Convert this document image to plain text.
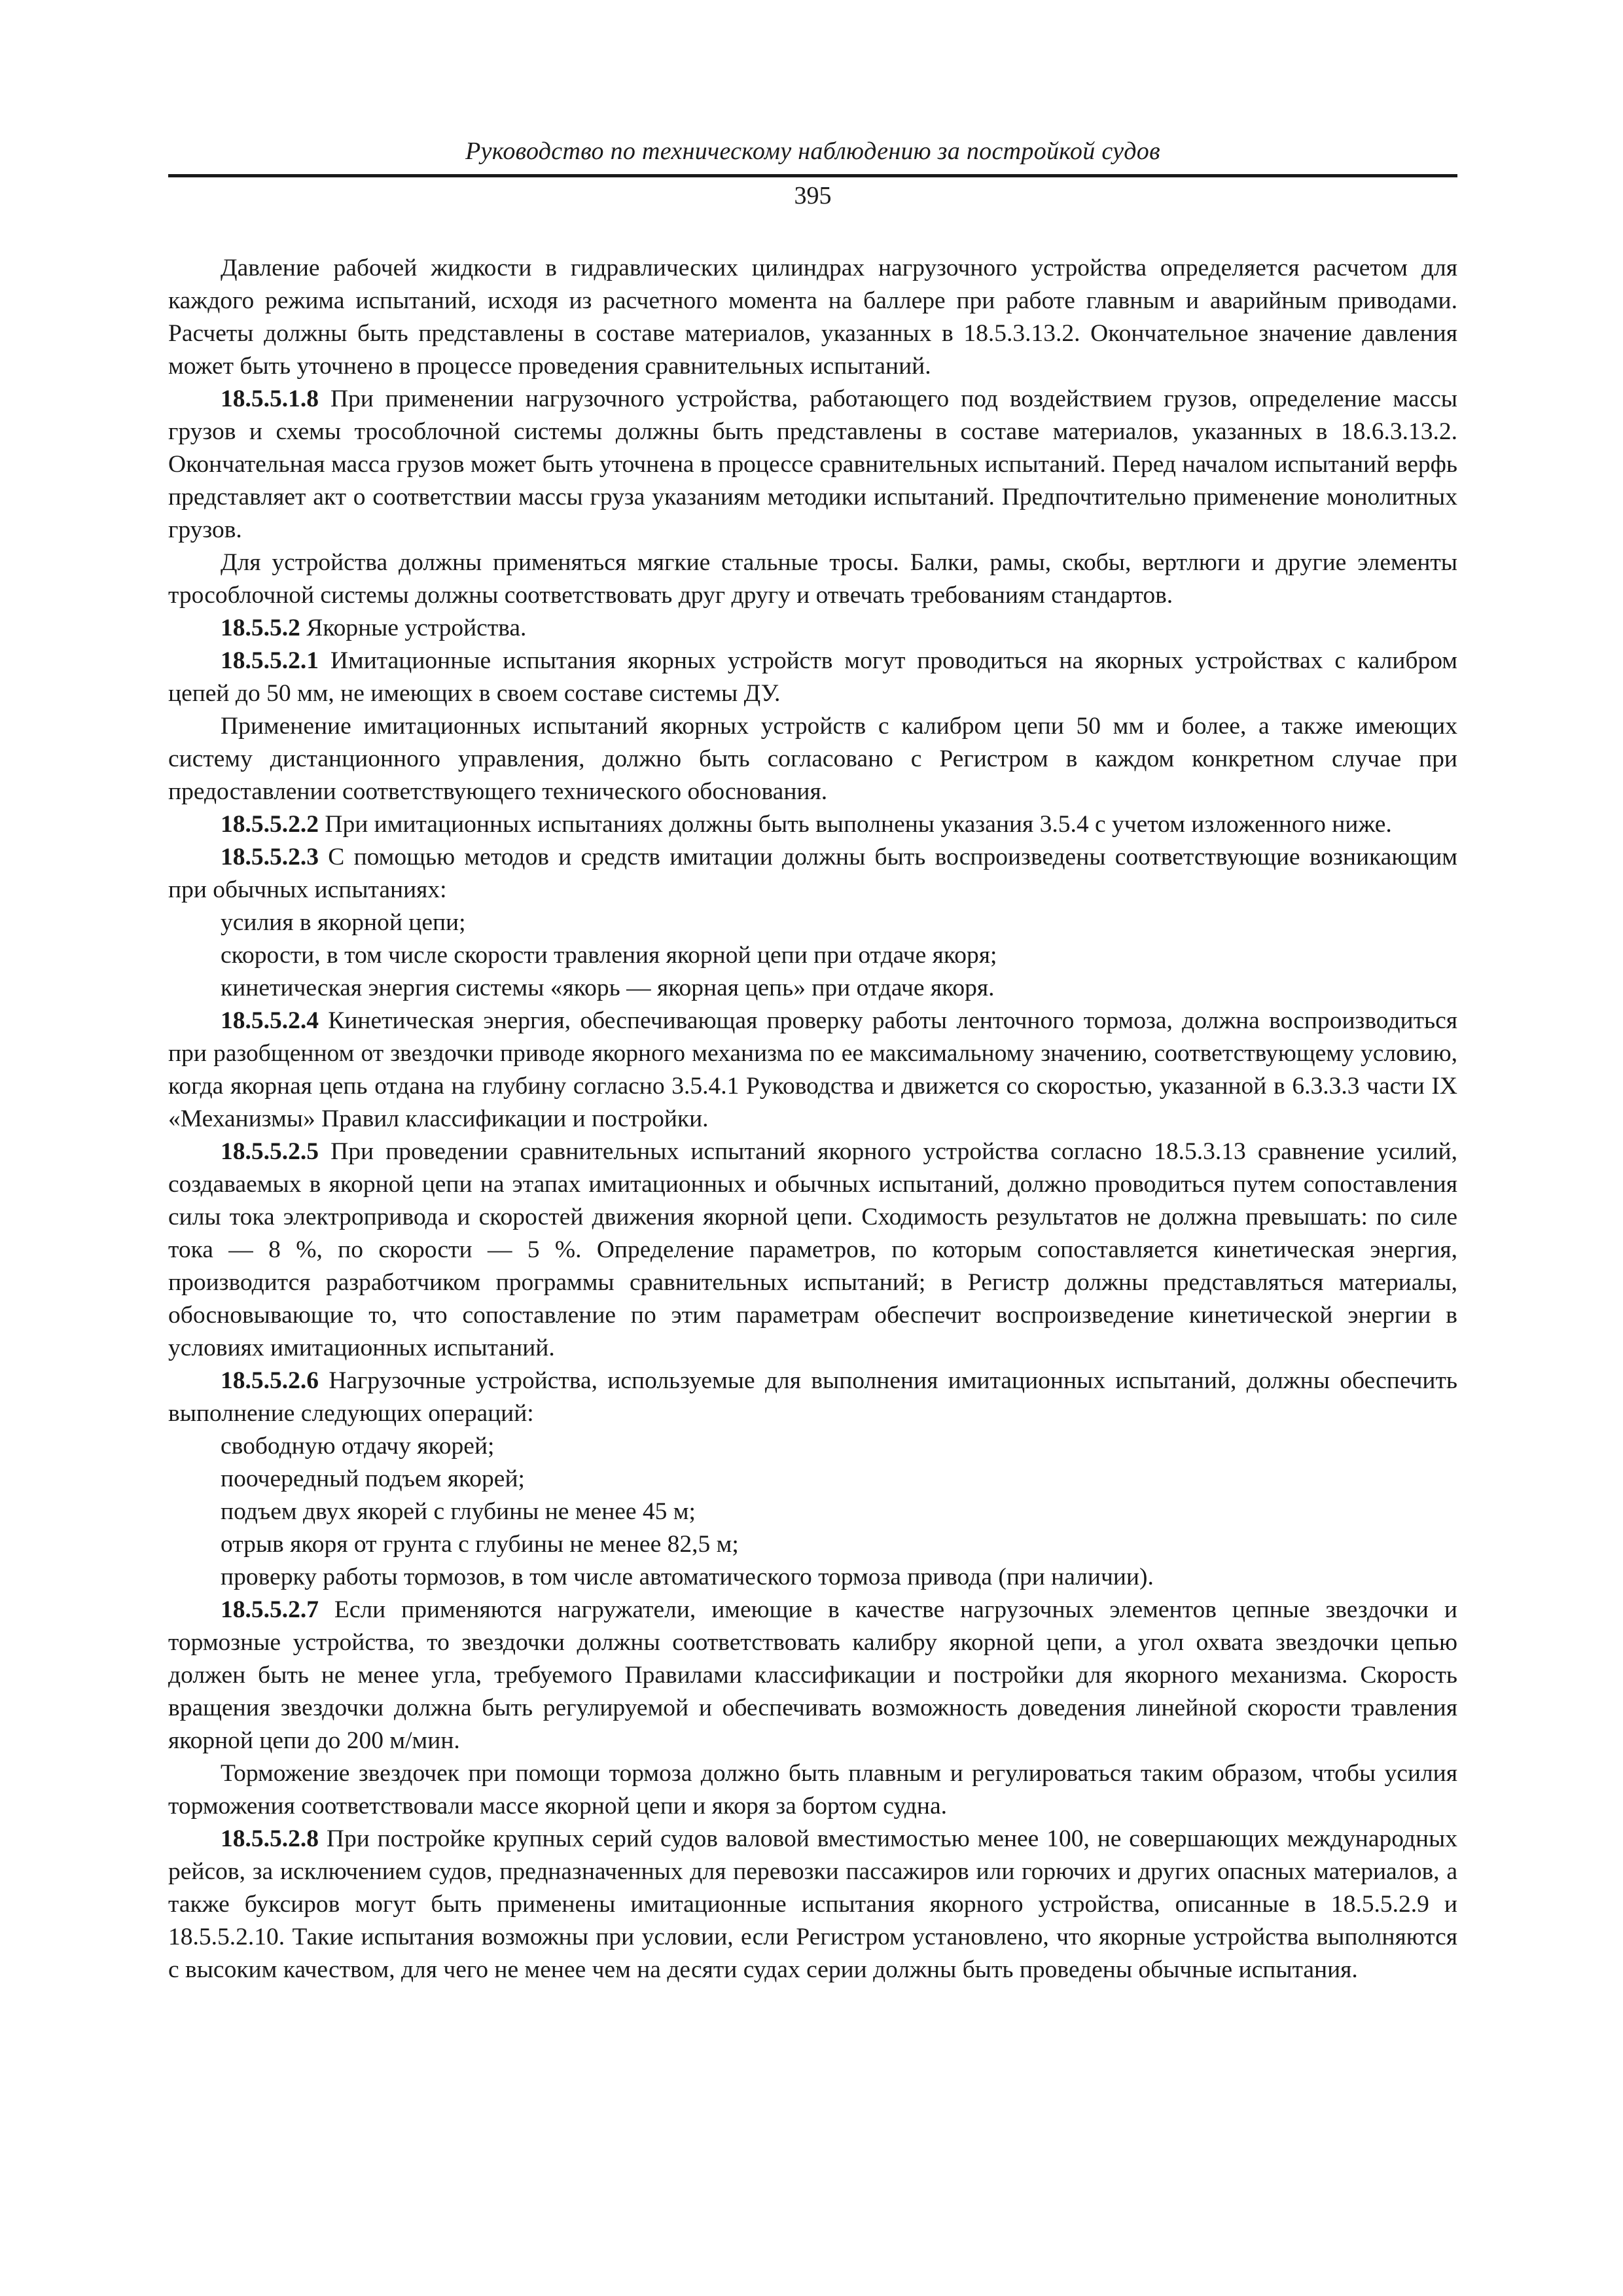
Руководство по техническому наблюдению за постройкой судов
395

Давление рабочей жидкости в гидравлических цилиндрах нагрузочного устройства определяется расчетом для каждого режима испытаний, исходя из расчетного момента на баллере при работе главным и аварийным приводами. Расчеты должны быть представлены в составе материалов, указанных в 18.5.3.13.2. Окончательное значение давления может быть уточнено в процессе проведения сравнительных испытаний.

18.5.5.1.8 При применении нагрузочного устройства, работающего под воздействием грузов, определение массы грузов и схемы трособлочной системы должны быть представлены в составе материалов, указанных в 18.6.3.13.2. Окончательная масса грузов может быть уточнена в процессе сравнительных испытаний. Перед началом испытаний верфь представляет акт о соответствии массы груза указаниям методики испытаний. Предпочтительно применение монолитных грузов.

Для устройства должны применяться мягкие стальные тросы. Балки, рамы, скобы, вертлюги и другие элементы трособлочной системы должны соответствовать друг другу и отвечать требованиям стандартов.

18.5.5.2 Якорные устройства.

18.5.5.2.1 Имитационные испытания якорных устройств могут проводиться на якорных устройствах с калибром цепей до 50 мм, не имеющих в своем составе системы ДУ.

Применение имитационных испытаний якорных устройств с калибром цепи 50 мм и более, а также имеющих систему дистанционного управления, должно быть согласовано с Регистром в каждом конкретном случае при предоставлении соответствующего технического обоснования.

18.5.5.2.2 При имитационных испытаниях должны быть выполнены указания 3.5.4 с учетом изложенного ниже.

18.5.5.2.3 С помощью методов и средств имитации должны быть воспроизведены соответствующие возникающим при обычных испытаниях:

усилия в якорной цепи;

скорости, в том числе скорости травления якорной цепи при отдаче якоря;

кинетическая энергия системы «якорь — якорная цепь» при отдаче якоря.

18.5.5.2.4 Кинетическая энергия, обеспечивающая проверку работы ленточного тормоза, должна воспроизводиться при разобщенном от звездочки приводе якорного механизма по ее максимальному значению, соответствующему условию, когда якорная цепь отдана на глубину согласно 3.5.4.1 Руководства и движется со скоростью, указанной в 6.3.3.3 части IX «Механизмы» Правил классификации и постройки.

18.5.5.2.5 При проведении сравнительных испытаний якорного устройства согласно 18.5.3.13 сравнение усилий, создаваемых в якорной цепи на этапах имитационных и обычных испытаний, должно проводиться путем сопоставления силы тока электропривода и скоростей движения якорной цепи. Сходимость результатов не должна превышать: по силе тока — 8 %, по скорости — 5 %. Определение параметров, по которым сопоставляется кинетическая энергия, производится разработчиком программы сравнительных испытаний; в Регистр должны представляться материалы, обосновывающие то, что сопоставление по этим параметрам обеспечит воспроизведение кинетической энергии в условиях имитационных испытаний.

18.5.5.2.6 Нагрузочные устройства, используемые для выполнения имитационных испытаний, должны обеспечить выполнение следующих операций:

свободную отдачу якорей;

поочередный подъем якорей;

подъем двух якорей с глубины не менее 45 м;

отрыв якоря от грунта с глубины не менее 82,5 м;

проверку работы тормозов, в том числе автоматического тормоза привода (при наличии).

18.5.5.2.7 Если применяются нагружатели, имеющие в качестве нагрузочных элементов цепные звездочки и тормозные устройства, то звездочки должны соответствовать калибру якорной цепи, а угол охвата звездочки цепью должен быть не менее угла, требуемого Правилами классификации и постройки для якорного механизма. Скорость вращения звездочки должна быть регулируемой и обеспечивать возможность доведения линейной скорости травления якорной цепи до 200 м/мин.

Торможение звездочек при помощи тормоза должно быть плавным и регулироваться таким образом, чтобы усилия торможения соответствовали массе якорной цепи и якоря за бортом судна.

18.5.5.2.8 При постройке крупных серий судов валовой вместимостью менее 100, не совершающих международных рейсов, за исключением судов, предназначенных для перевозки пассажиров или горючих и других опасных материалов, а также буксиров могут быть применены имитационные испытания якорного устройства, описанные в 18.5.5.2.9 и 18.5.5.2.10. Такие испытания возможны при условии, если Регистром установлено, что якорные устройства выполняются с высоким качеством, для чего не менее чем на десяти судах серии должны быть проведены обычные испытания.
